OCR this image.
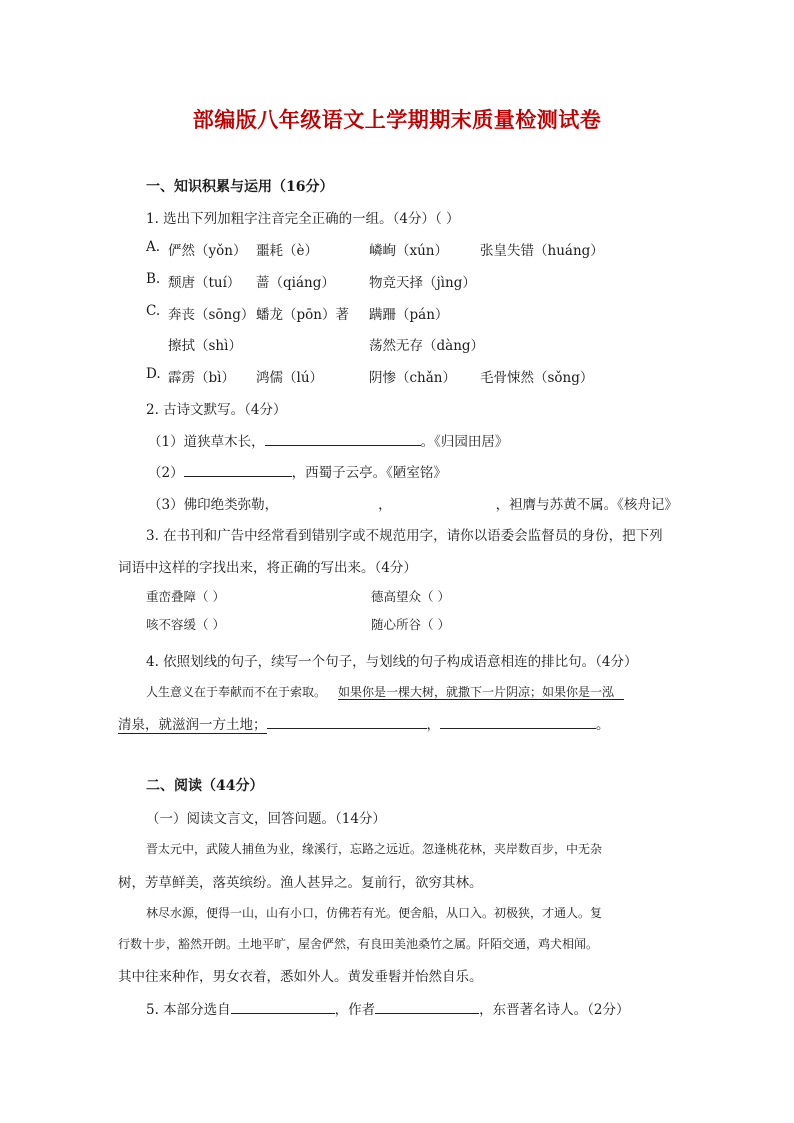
部编版八年级语文上学期期末质量检测试卷
一、知识积累与运用（16分）
1. 选出下列加粗字注音完全正确的一组。（4分）（ ）
A. 俨然（yǒn） 噩耗（è）	嶙峋（xún） 张皇失错（huáng）
B. 颓唐（tuí） 蔷（qiáng）	物竞天择（jìng）
C. 奔丧（sōng） 蟠龙（pōn）著 蹒跚（pán）
擦拭（shì）	荡然无存（dàng）
D. 霹雳（bì） 鸿儒（lú）	阴惨（chǎn） 毛骨悚然（sǒng）
2. 古诗文默写。（4分）
（1）道狭草木长，	。《归园田居》
（2）	，西蜀子云亭。《陋室铭》
（3）佛印绝类弥勒，	，	，袒膺与苏黄不属。《核舟记》
3. 在书刊和广告中经常看到错别字或不规范用字，请你以语委会监督员的身份，把下列
词语中这样的字找出来，将正确的写出来。（4分）
重峦叠障（ ）	德高望众（ ）
咳不容缓（ ）	随心所谷（ ）
4. 依照划线的句子，续写一个句子，与划线的句子构成语意相连的排比句。（4分）
人生意义在于奉献而不在于索取。 如果你是一棵大树，就撒下一片阴凉；如果你是一泓
清泉，就滋润一方土地；	，	。
二、阅读（44分）
（一）阅读文言文，回答问题。（14分）
晋太元中，武陵人捕鱼为业，缘溪行，忘路之远近。忽逢桃花林，夹岸数百步，中无杂
树，芳草鲜美，落英缤纷。渔人甚异之。复前行，欲穷其林。
林尽水源，便得一山，山有小口，仿佛若有光。便舍船，从口入。初极狭，才通人。复
行数十步，豁然开朗。土地平旷，屋舍俨然，有良田美池桑竹之属。阡陌交通，鸡犬相闻。
其中往来种作，男女衣着，悉如外人。黄发垂髫并怡然自乐。
5. 本部分选自	，作者	，东晋著名诗人。（2分）
